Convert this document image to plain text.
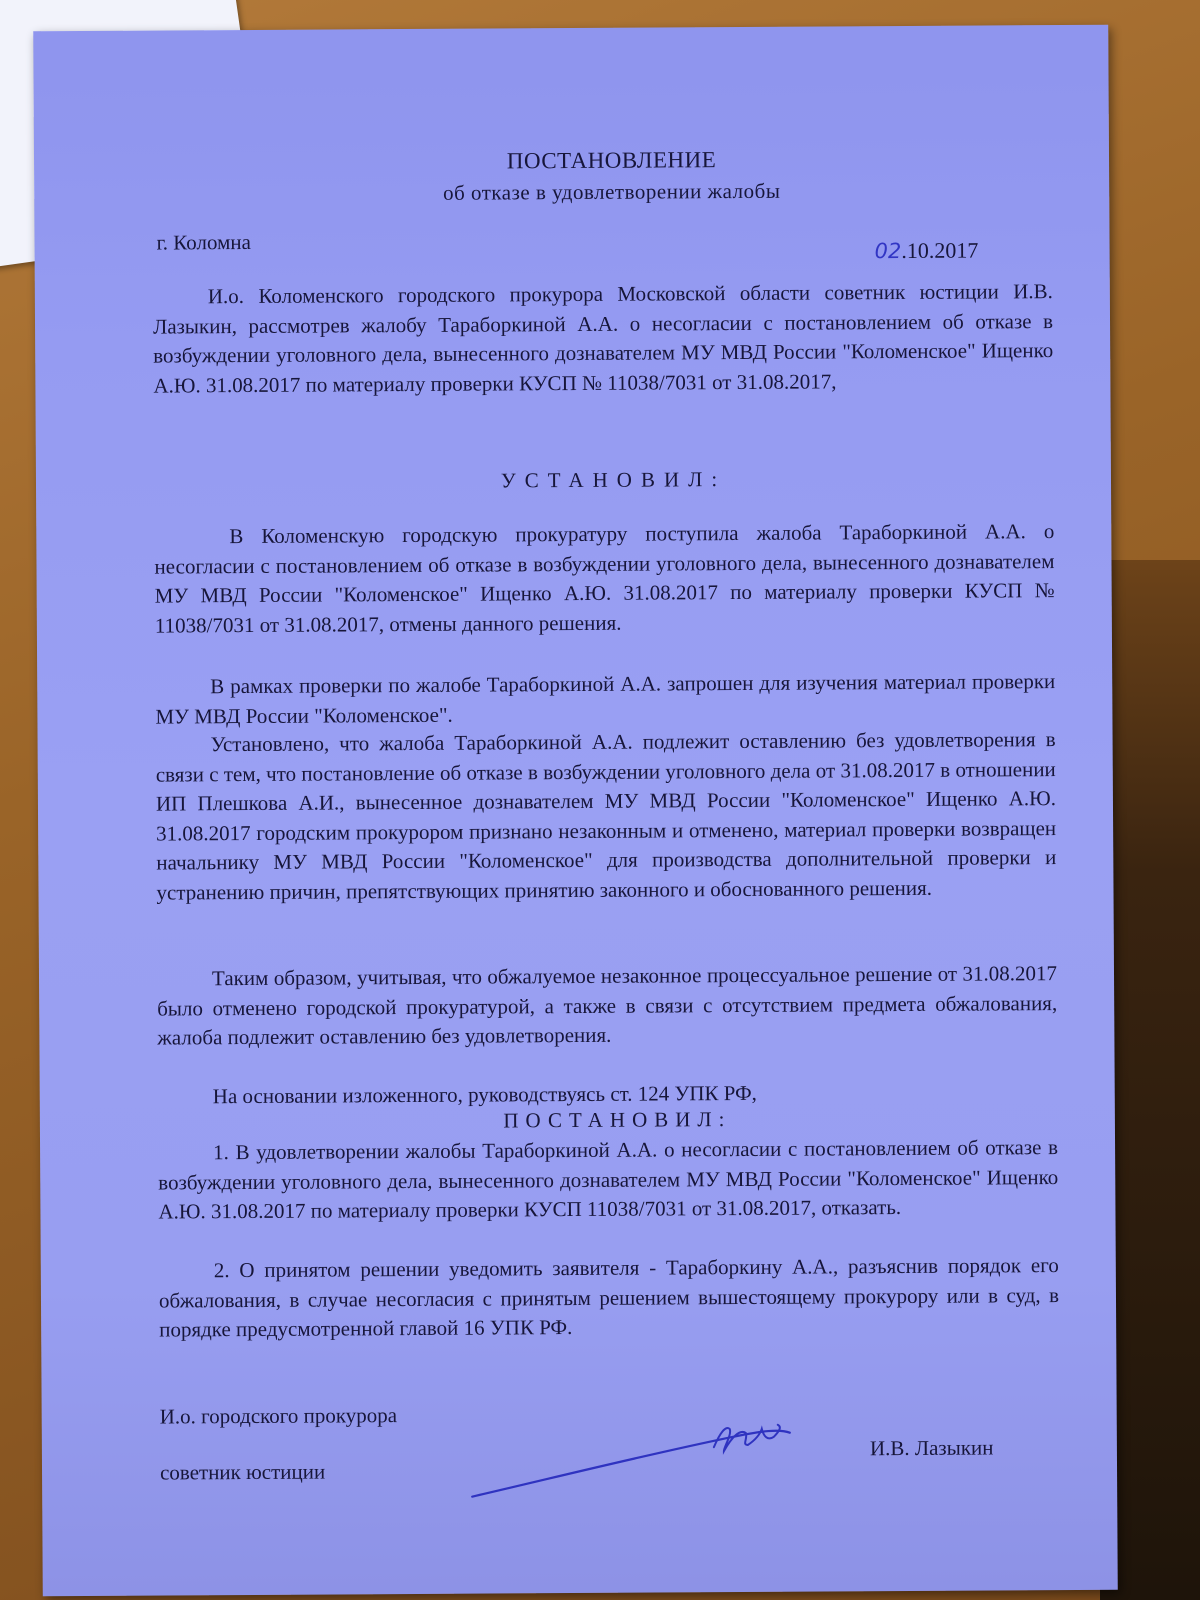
ПОСТАНОВЛЕНИЕ
об отказе в удовлетворении жалобы
г. Коломна	02.10.2017
И.о. Коломенского городского прокурора Московской области советник юстиции И.В. Лазыкин, рассмотрев жалобу Тараборкиной А.А. о несогласии с постановлением об отказе в возбуждении уголовного дела, вынесенного дознавателем МУ МВД России "Коломенское" Ищенко А.Ю. 31.08.2017 по материалу проверки КУСП № 11038/7031 от 31.08.2017,
УСТАНОВИЛ:
В Коломенскую городскую прокуратуру поступила жалоба Тараборкиной А.А. о несогласии с постановлением об отказе в возбуждении уголовного дела, вынесенного дознавателем МУ МВД России "Коломенское" Ищенко А.Ю. 31.08.2017 по материалу проверки КУСП № 11038/7031 от 31.08.2017, отмены данного решения.
В рамках проверки по жалобе Тараборкиной А.А. запрошен для изучения материал проверки МУ МВД России "Коломенское".
Установлено, что жалоба Тараборкиной А.А. подлежит оставлению без удовлетворения в связи с тем, что постановление об отказе в возбуждении уголовного дела от 31.08.2017 в отношении ИП Плешкова А.И., вынесенное дознавателем МУ МВД России "Коломенское" Ищенко А.Ю. 31.08.2017 городским прокурором признано незаконным и отменено, материал проверки возвращен начальнику МУ МВД России "Коломенское" для производства дополнительной проверки и устранению причин, препятствующих принятию законного и обоснованного решения.
Таким образом, учитывая, что обжалуемое незаконное процессуальное решение от 31.08.2017 было отменено городской прокуратурой, а также в связи с отсутствием предмета обжалования, жалоба подлежит оставлению без удовлетворения.
На основании изложенного, руководствуясь ст. 124 УПК РФ,
ПОСТАНОВИЛ:
1. В удовлетворении жалобы Тараборкиной А.А. о несогласии с постановлением об отказе в возбуждении уголовного дела, вынесенного дознавателем МУ МВД России "Коломенское" Ищенко А.Ю. 31.08.2017 по материалу проверки КУСП 11038/7031 от 31.08.2017, отказать.
2. О принятом решении уведомить заявителя - Тараборкину А.А., разъяснив порядок его обжалования, в случае несогласия с принятым решением вышестоящему прокурору или в суд, в порядке предусмотренной главой 16 УПК РФ.
И.о. городского прокурора
советник юстиции
И.В. Лазыкин
